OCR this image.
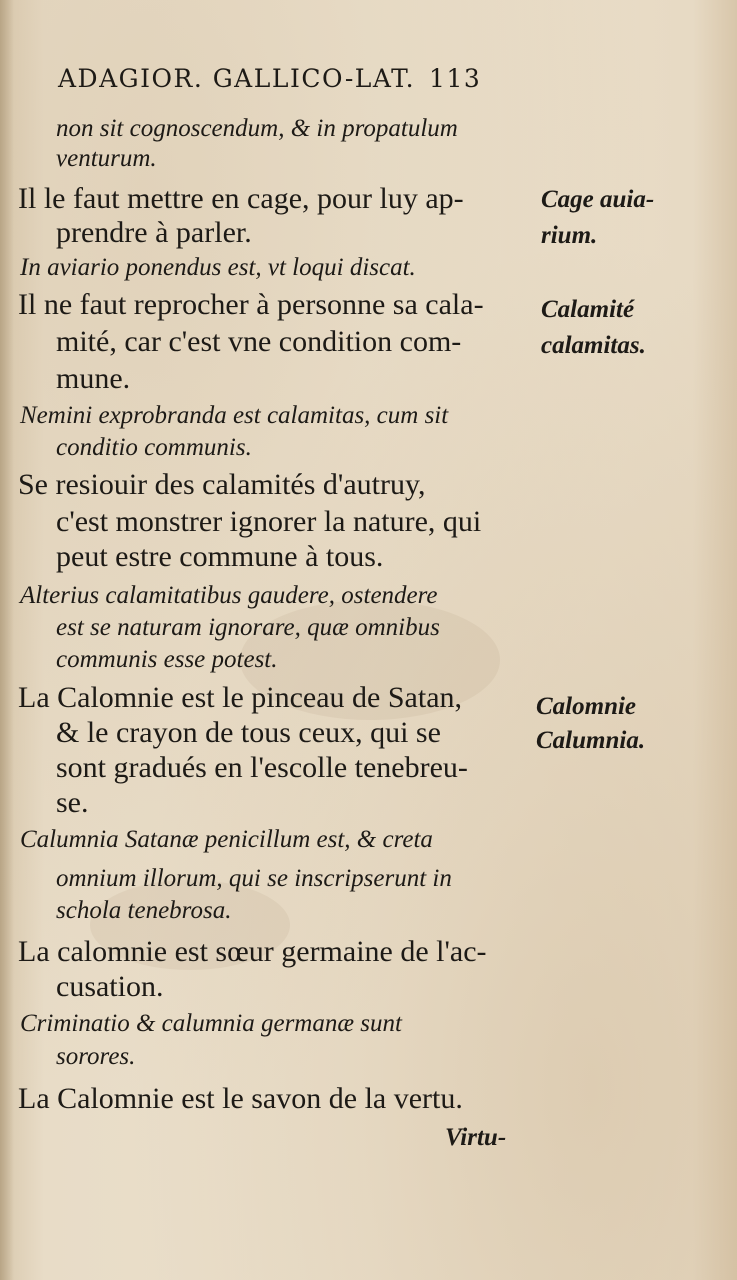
ADAGIOR. GALLICO-LAT. 113
non sit cognoscendum, & in propatulum
venturum.
Il le faut mettre en cage, pour luy ap-
prendre à parler.
In aviario ponendus est, vt loqui discat.
Il ne faut reprocher à personne sa cala-
mité, car c'est vne condition com-
mune.
Nemini exprobranda est calamitas, cum sit
conditio communis.
Se resiouir des calamités d'autruy,
c'est monstrer ignorer la nature, qui
peut estre commune à tous.
Alterius calamitatibus gaudere, ostendere
est se naturam ignorare, quæ omnibus
communis esse potest.
La Calomnie est le pinceau de Satan,
& le crayon de tous ceux, qui se
sont gradués en l'escolle tenebreu-
se.
Calumnia Satanæ penicillum est, & creta
omnium illorum, qui se inscripserunt in
schola tenebrosa.
La calomnie est sœur germaine de l'ac-
cusation.
Criminatio & calumnia germanæ sunt
sorores.
La Calomnie est le savon de la vertu.
Cage auia-
rium.
Calamité
calamitas.
Calomnie
Calumnia.
Virtu-
